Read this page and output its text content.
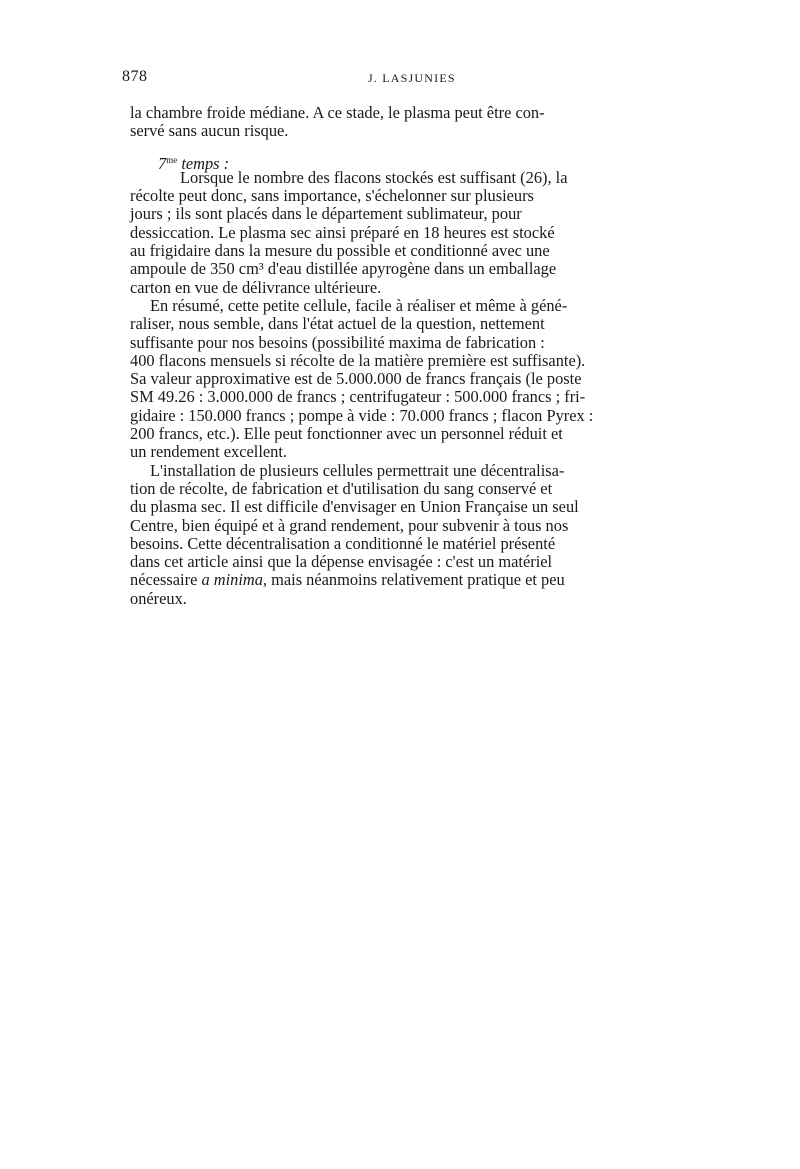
878	J. LASJUNIES
la chambre froide médiane. A ce stade, le plasma peut être con-
servé sans aucun risque.
$7^{me}$ temps :
Lorsque le nombre des flacons stockés est suffisant (26), la
récolte peut donc, sans importance, s'échelonner sur plusieurs
jours ; ils sont placés dans le département sublimateur, pour
dessiccation. Le plasma sec ainsi préparé en 18 heures est stocké
au frigidaire dans la mesure du possible et conditionné avec une
ampoule de 350 cm³ d'eau distillée apyrogène dans un emballage
carton en vue de délivrance ultérieure.
En résumé, cette petite cellule, facile à réaliser et même à géné-
raliser, nous semble, dans l'état actuel de la question, nettement
suffisante pour nos besoins (possibilité maxima de fabrication :
400 flacons mensuels si récolte de la matière première est suffisante).
Sa valeur approximative est de 5.000.000 de francs français (le poste
SM 49.26 : 3.000.000 de francs ; centrifugateur : 500.000 francs ; fri-
gidaire : 150.000 francs ; pompe à vide : 70.000 francs ; flacon Pyrex :
200 francs, etc.). Elle peut fonctionner avec un personnel réduit et
un rendement excellent.
L'installation de plusieurs cellules permettrait une décentralisa-
tion de récolte, de fabrication et d'utilisation du sang conservé et
du plasma sec. Il est difficile d'envisager en Union Française un seul
Centre, bien équipé et à grand rendement, pour subvenir à tous nos
besoins. Cette décentralisation a conditionné le matériel présenté
dans cet article ainsi que la dépense envisagée : c'est un matériel
nécessaire a minima, mais néanmoins relativement pratique et peu
onéreux.
